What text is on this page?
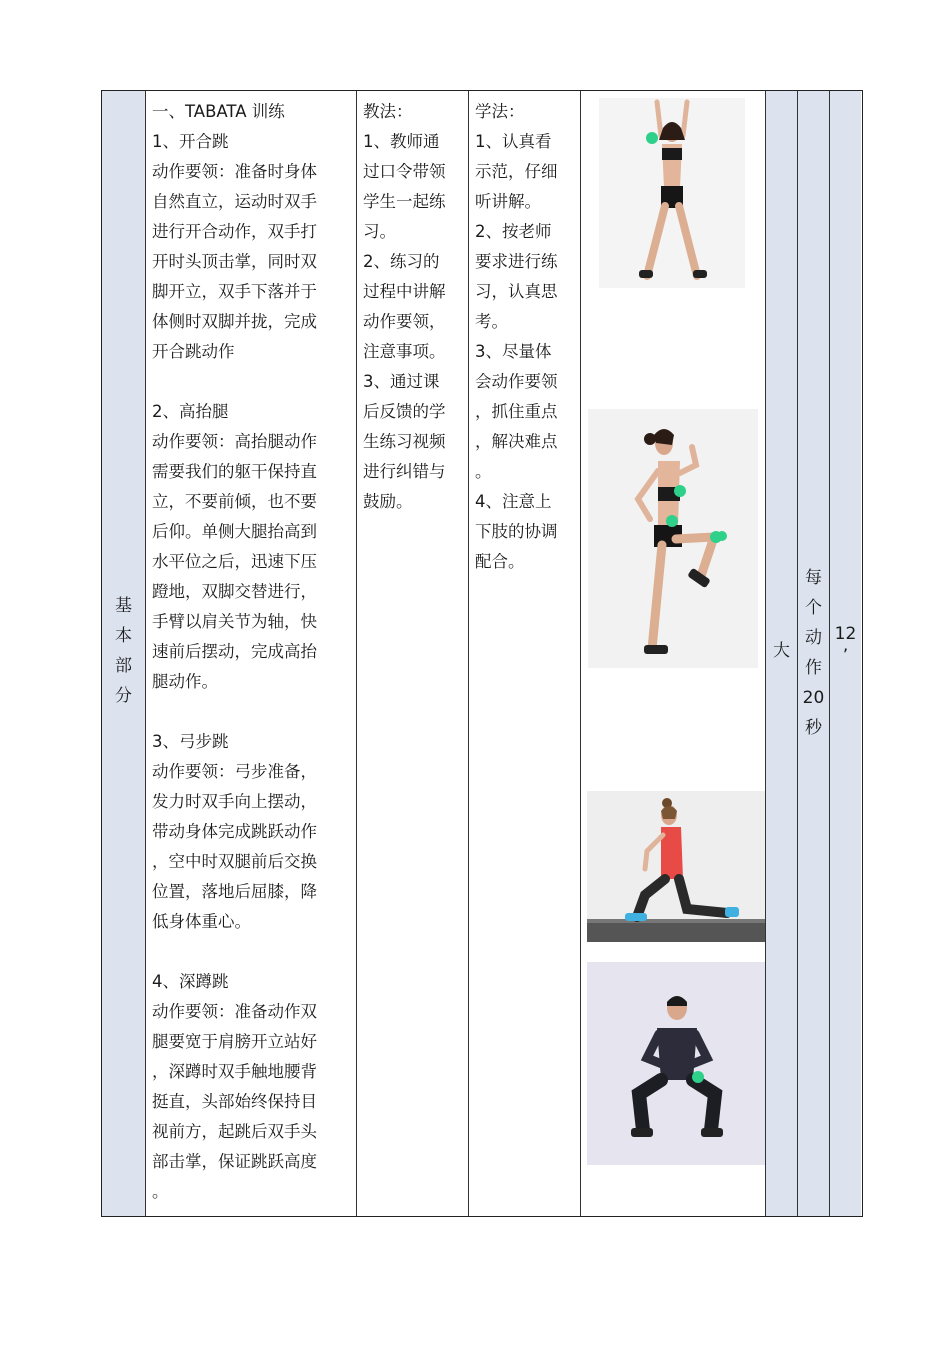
基
本
部
分

一、TABATA 训练

1、开合跳

动作要领：准备时身体

自然直立，运动时双手

进行开合动作，双手打

开时头顶击掌，同时双

脚开立，双手下落并于

体侧时双脚并拢，完成

开合跳动作

2、高抬腿

动作要领：高抬腿动作

需要我们的躯干保持直

立，不要前倾，也不要

后仰。单侧大腿抬高到

水平位之后，迅速下压

蹬地，双脚交替进行，

手臂以肩关节为轴，快

速前后摆动，完成高抬

腿动作。

3、弓步跳

动作要领：弓步准备，

发力时双手向上摆动，

带动身体完成跳跃动作

，空中时双腿前后交换

位置，落地后屈膝，降

低身体重心。

4、深蹲跳

动作要领：准备动作双

腿要宽于肩膀开立站好

，深蹲时双手触地腰背

挺直，头部始终保持目

视前方，起跳后双手头

部击掌，保证跳跃高度

。

教法：

1、教师通

过口令带领

学生一起练

习。

2、练习的

过程中讲解

动作要领，

注意事项。

3、通过课

后反馈的学

生练习视频

进行纠错与

鼓励。

学法：

1、认真看

示范，仔细

听讲解。

2、按老师

要求进行练

习，认真思

考。

3、尽量体

会动作要领

，抓住重点

，解决难点

。

4、注意上

下肢的协调

配合。

大
每
个
动
作
20
秒
12
’
